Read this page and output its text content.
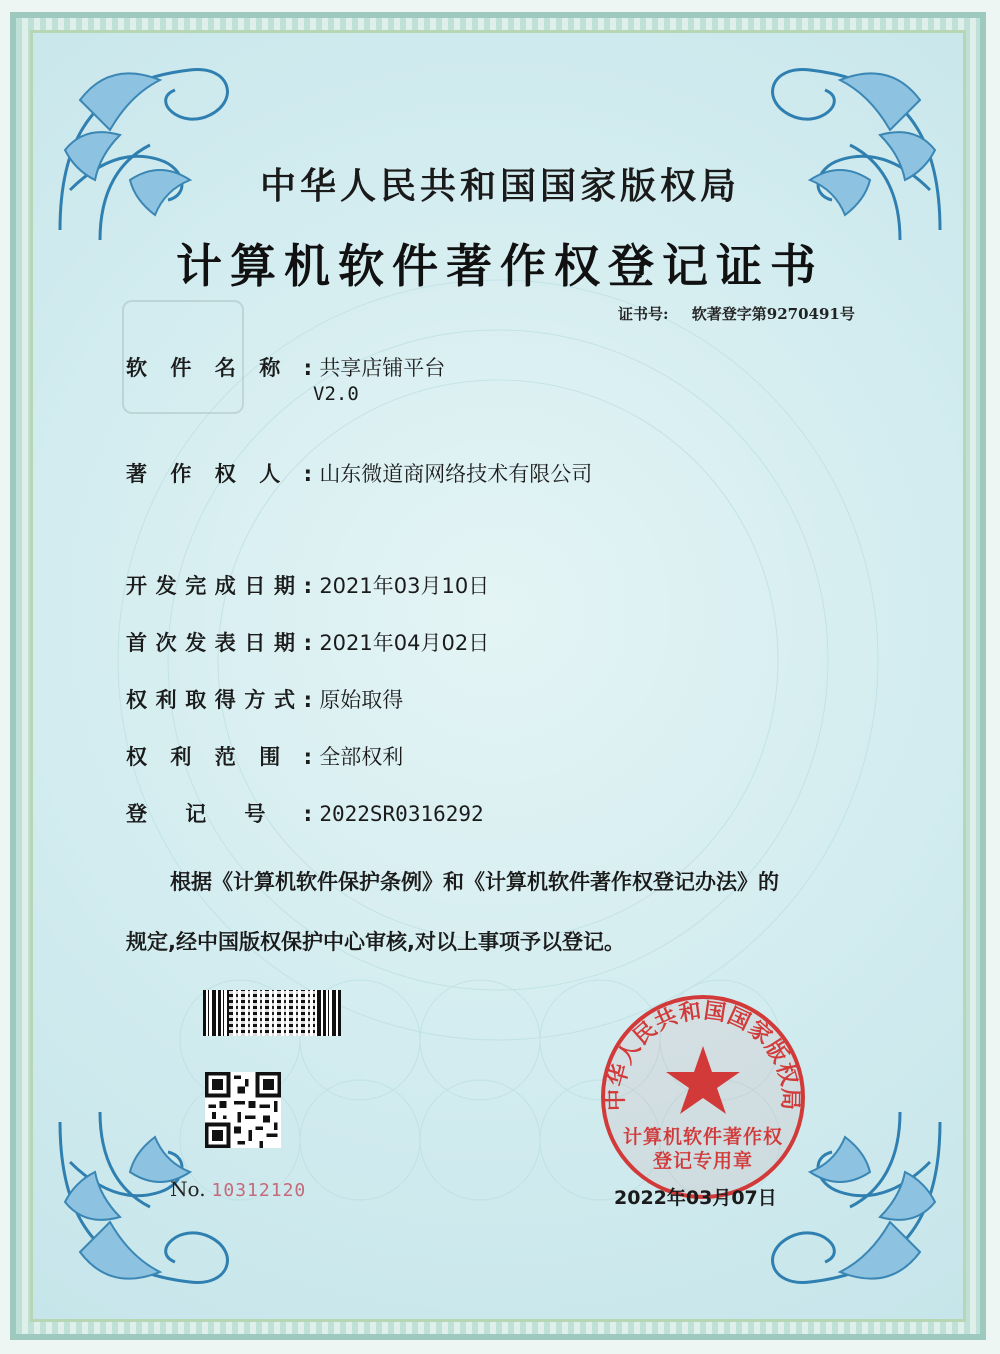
中华人民共和国国家版权局
计算机软件著作权登记证书
证书号: 软著登字第9270491号
软件名称: 共享店铺平台
V2.0
著作权人: 山东微道商网络技术有限公司
开发完成日期: 2021年03月10日
首次发表日期: 2021年04月02日
权利取得方式: 原始取得
权利范围: 全部权利
登记号: 2022SR0316292
根据《计算机软件保护条例》和《计算机软件著作权登记办法》的
规定,经中国版权保护中心审核,对以上事项予以登记。
No. 10312120
中华人民共和国国家版权局
计算机软件著作权
登记专用章
2022年03月07日
